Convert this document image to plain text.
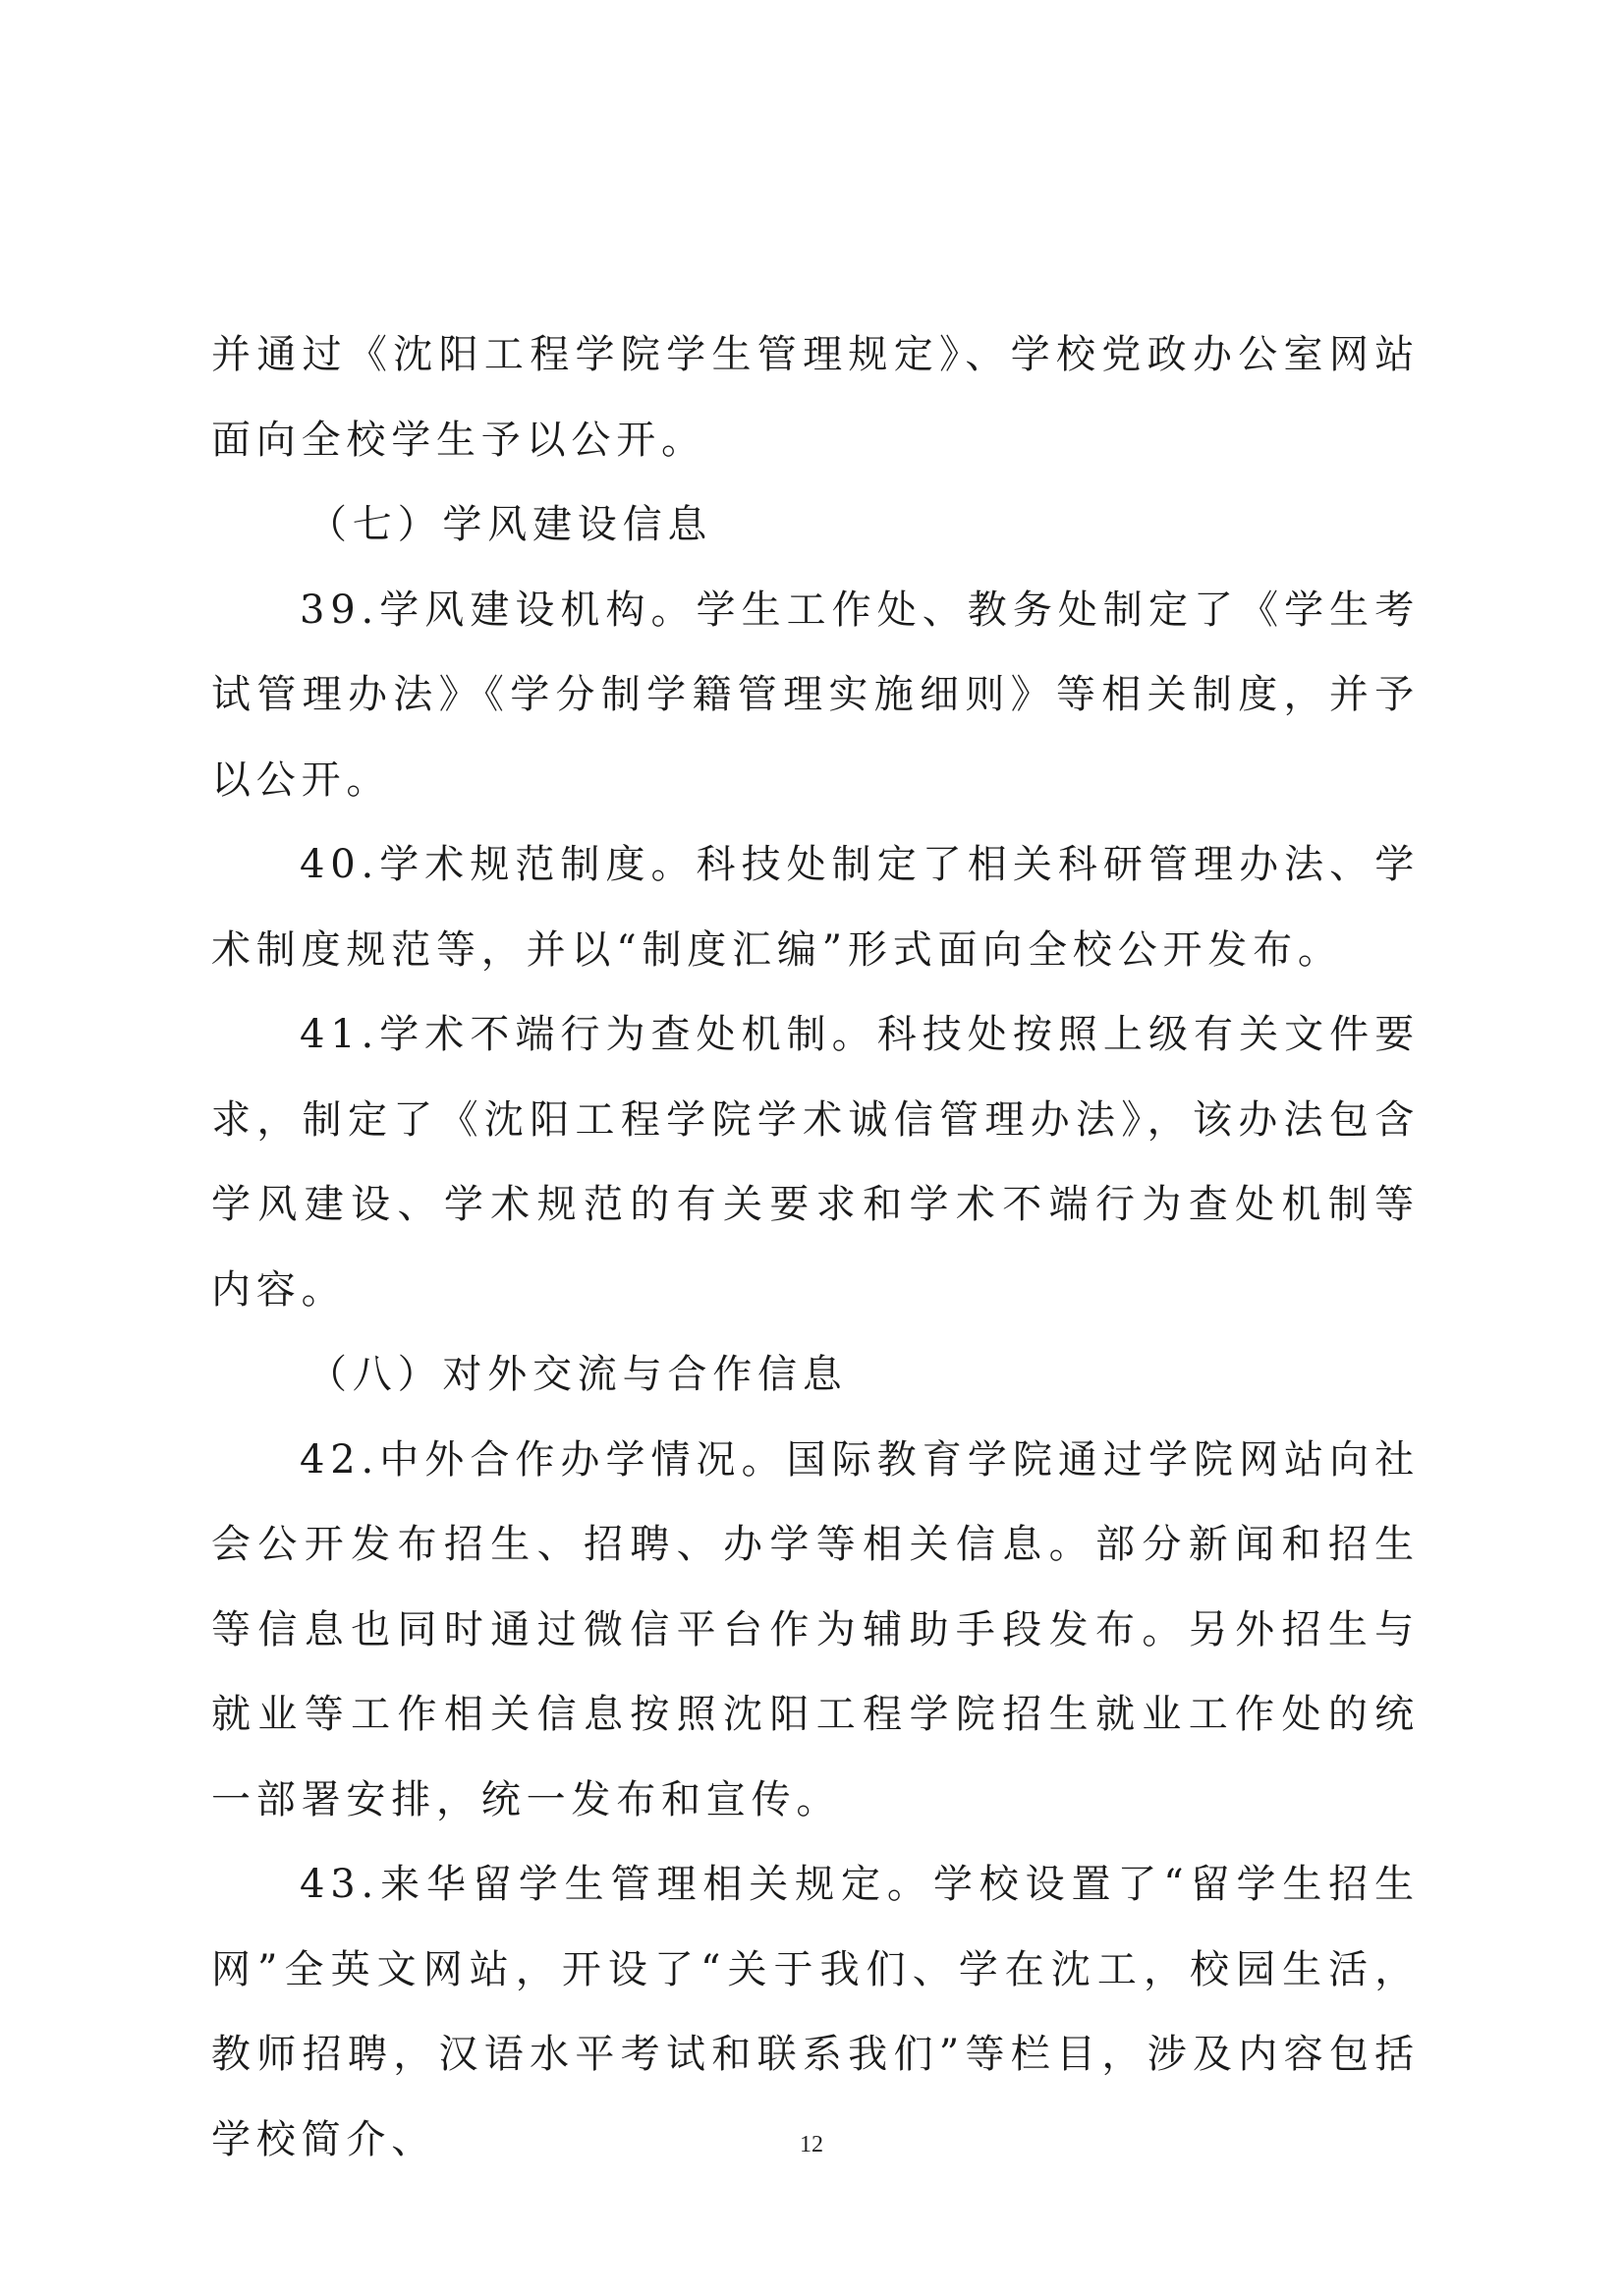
并通过《沈阳工程学院学生管理规定》、学校党政办公室网站面向全校学生予以公开。

（七）学风建设信息

39.学风建设机构。学生工作处、教务处制定了《学生考试管理办法》《学分制学籍管理实施细则》等相关制度，并予以公开。

40.学术规范制度。科技处制定了相关科研管理办法、学术制度规范等，并以“制度汇编”形式面向全校公开发布。

41.学术不端行为查处机制。科技处按照上级有关文件要求，制定了《沈阳工程学院学术诚信管理办法》，该办法包含学风建设、学术规范的有关要求和学术不端行为查处机制等内容。

（八）对外交流与合作信息

42.中外合作办学情况。国际教育学院通过学院网站向社会公开发布招生、招聘、办学等相关信息。部分新闻和招生等信息也同时通过微信平台作为辅助手段发布。另外招生与就业等工作相关信息按照沈阳工程学院招生就业工作处的统一部署安排，统一发布和宣传。

43.来华留学生管理相关规定。学校设置了“留学生招生网”全英文网站，开设了“关于我们、学在沈工，校园生活，教师招聘，汉语水平考试和联系我们”等栏目，涉及内容包括学校简介、	12
